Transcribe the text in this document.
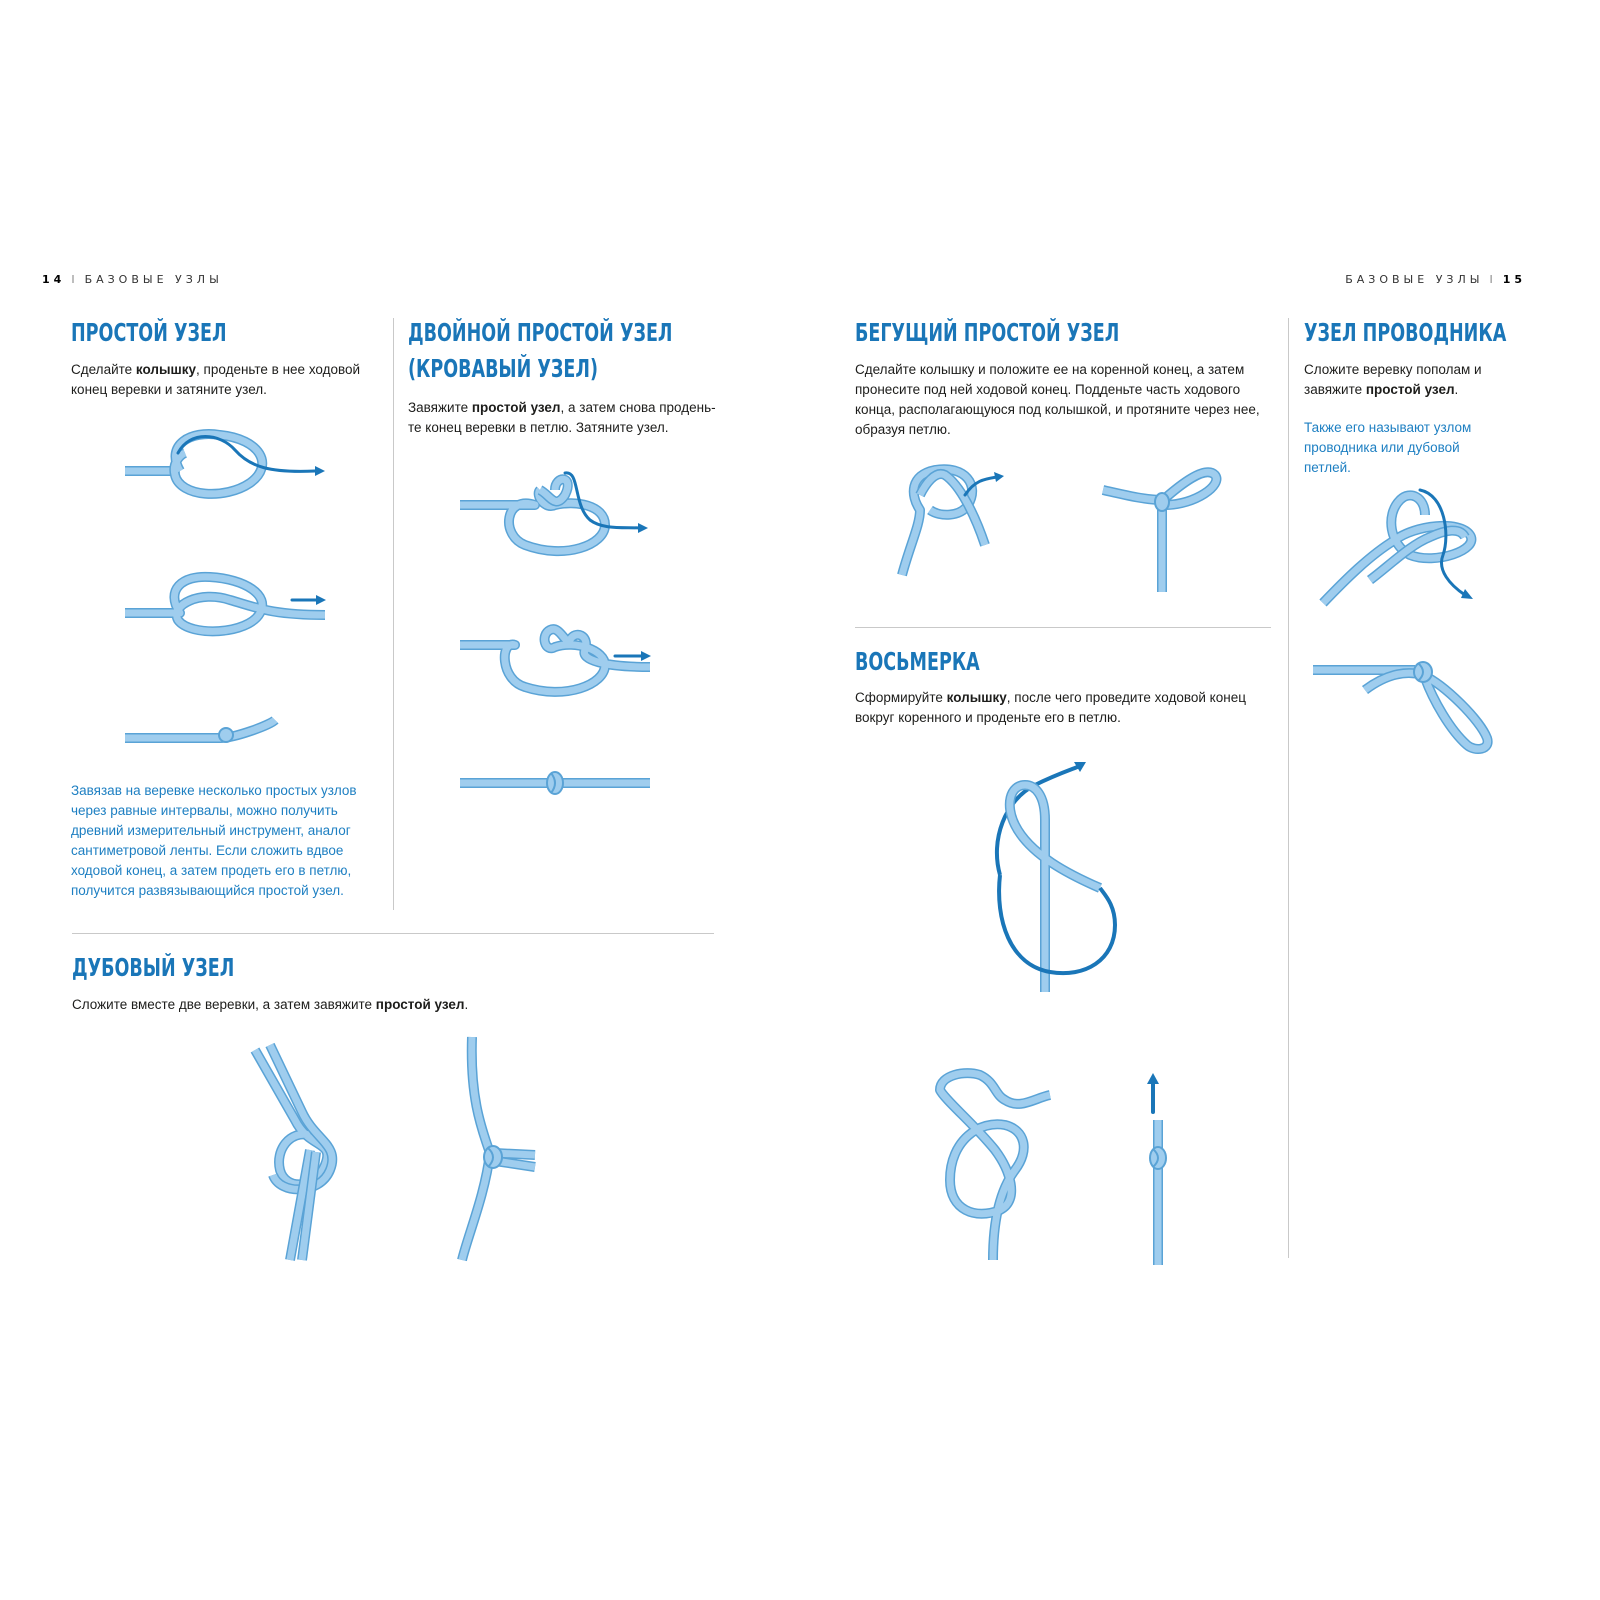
14 I БАЗОВЫЕ УЗЛЫ	БАЗОВЫЕ УЗЛЫ I 15
ПРОСТОЙ УЗЕЛ

Сделайте колышку, проденьте в нее ходовой конец веревки и затяните узел.

Завязав на веревке несколько простых узлов через равные интервалы, можно получить древний измерительный инструмент, аналог сантиметровой ленты. Если сложить вдвое ходовой конец, а затем продеть его в петлю, получится развязывающийся простой узел.

ДВОЙНОЙ ПРОСТОЙ УЗЕЛ
(КРОВАВЫЙ УЗЕЛ)

Завяжите простой узел, а затем снова продень-те конец веревки в петлю. Затяните узел.

ДУБОВЫЙ УЗЕЛ

Сложите вместе две веревки, а затем завяжите простой узел.

БЕГУЩИЙ ПРОСТОЙ УЗЕЛ

Сделайте колышку и положите ее на коренной конец, а затем пронесите под ней ходовой конец. Подденьте часть ходового конца, располагающуюся под колышкой, и протяните через нее, образуя петлю.

ВОСЬМЕРКА

Сформируйте колышку, после чего проведите ходовой конец вокруг коренного и проденьте его в петлю.

УЗЕЛ ПРОВОДНИКА

Сложите веревку пополам и завяжите простой узел.

Также его называют узлом проводника или дубовой петлей.
